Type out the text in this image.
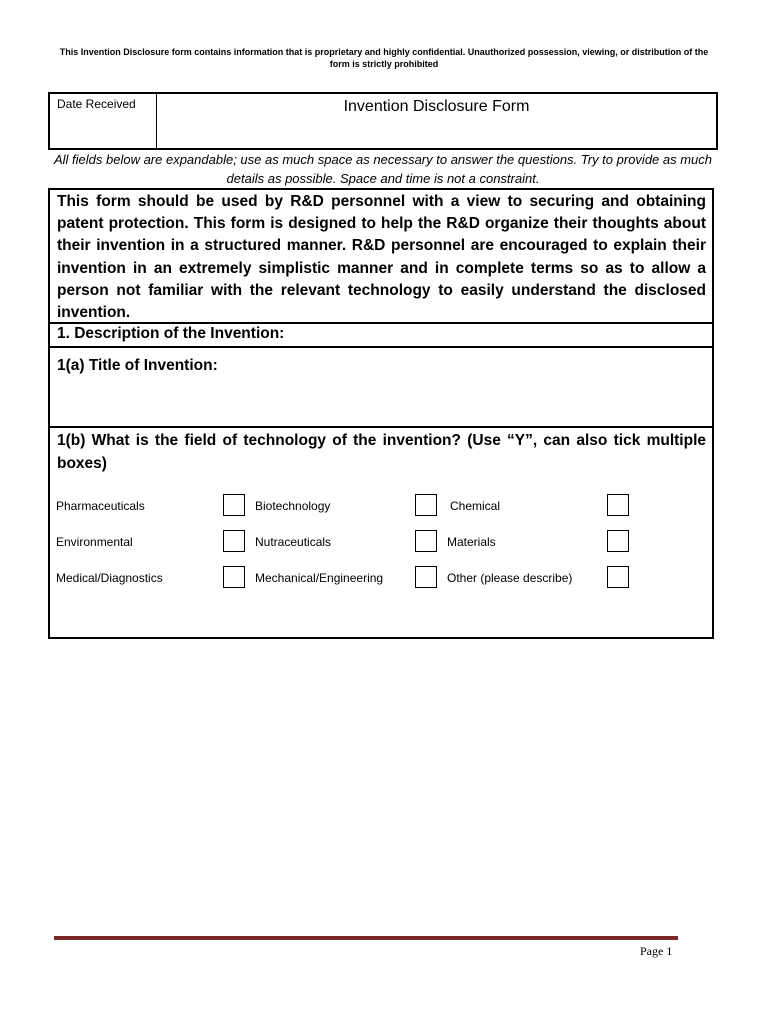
This Invention Disclosure form contains information that is proprietary and highly confidential. Unauthorized possession, viewing, or distribution of the form is strictly prohibited
Date Received	Invention Disclosure Form
All fields below are expandable; use as much space as necessary to answer the questions. Try to provide as much details as possible. Space and time is not a constraint.
This form should be used by R&D personnel with a view to securing and obtaining patent protection. This form is designed to help the R&D organize their thoughts about their invention in a structured manner. R&D personnel are encouraged to explain their invention in an extremely simplistic manner and in complete terms so as to allow a person not familiar with the relevant technology to easily understand the disclosed invention.
1. Description of the Invention:
1(a) Title of Invention:
1(b) What is the field of technology of the invention? (Use “Y”, can also tick multiple boxes)
Pharmaceuticals	Biotechnology	Chemical
Environmental	Nutraceuticals	Materials
Medical/Diagnostics	Mechanical/Engineering	Other (please describe)
Page 1
